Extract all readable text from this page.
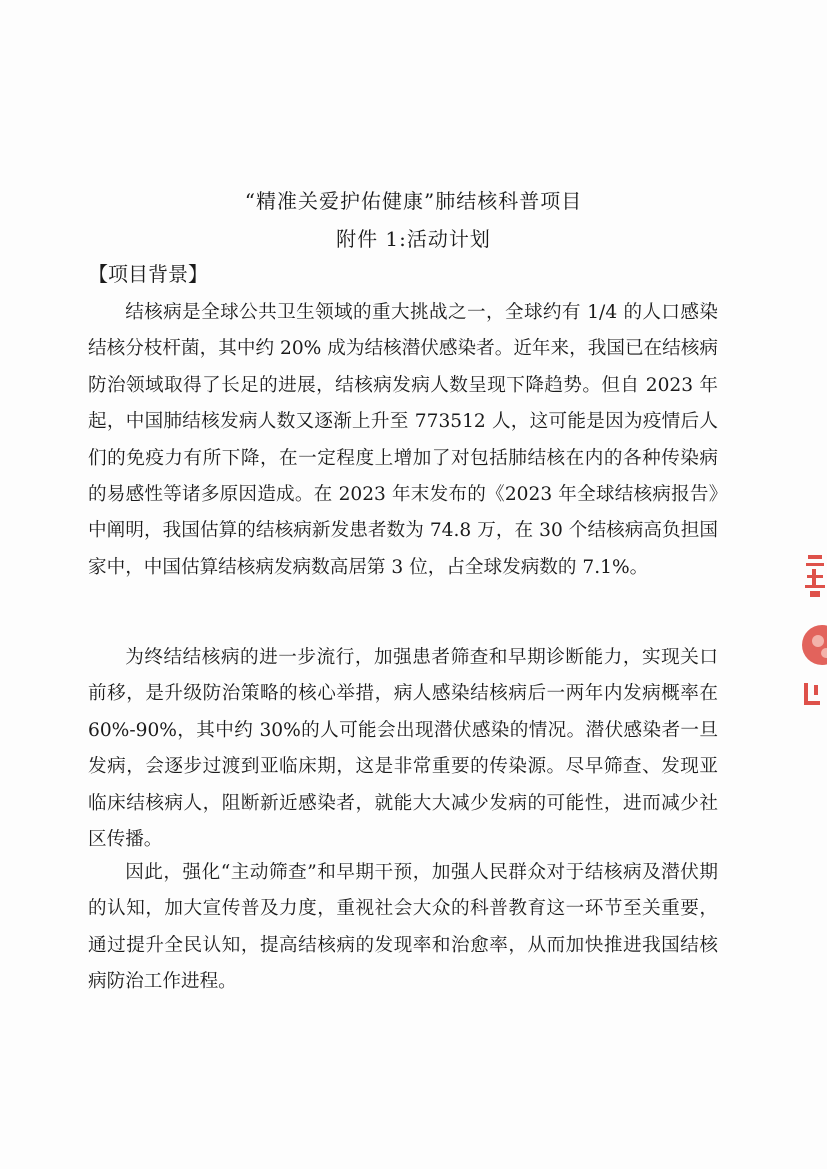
“精准关爱护佑健康”肺结核科普项目
附件 1:活动计划
【项目背景】

结核病是全球公共卫生领域的重大挑战之一，全球约有 1/4 的人口感染结核分枝杆菌，其中约 20% 成为结核潜伏感染者。近年来，我国已在结核病防治领域取得了长足的进展，结核病发病人数呈现下降趋势。但自 2023 年起，中国肺结核发病人数又逐渐上升至 773512 人，这可能是因为疫情后人们的免疫力有所下降，在一定程度上增加了对包括肺结核在内的各种传染病的易感性等诸多原因造成。在 2023 年末发布的《2023 年全球结核病报告》中阐明，我国估算的结核病新发患者数为 74.8 万，在 30 个结核病高负担国家中，中国估算结核病发病数高居第 3 位，占全球发病数的 7.1%。

为终结结核病的进一步流行，加强患者筛查和早期诊断能力，实现关口前移，是升级防治策略的核心举措，病人感染结核病后一两年内发病概率在 60%-90%，其中约 30%的人可能会出现潜伏感染的情况。潜伏感染者一旦发病，会逐步过渡到亚临床期，这是非常重要的传染源。尽早筛查、发现亚临床结核病人，阻断新近感染者，就能大大减少发病的可能性，进而减少社区传播。

因此，强化“主动筛查”和早期干预，加强人民群众对于结核病及潜伏期的认知，加大宣传普及力度，重视社会大众的科普教育这一环节至关重要，通过提升全民认知，提高结核病的发现率和治愈率，从而加快推进我国结核病防治工作进程。
